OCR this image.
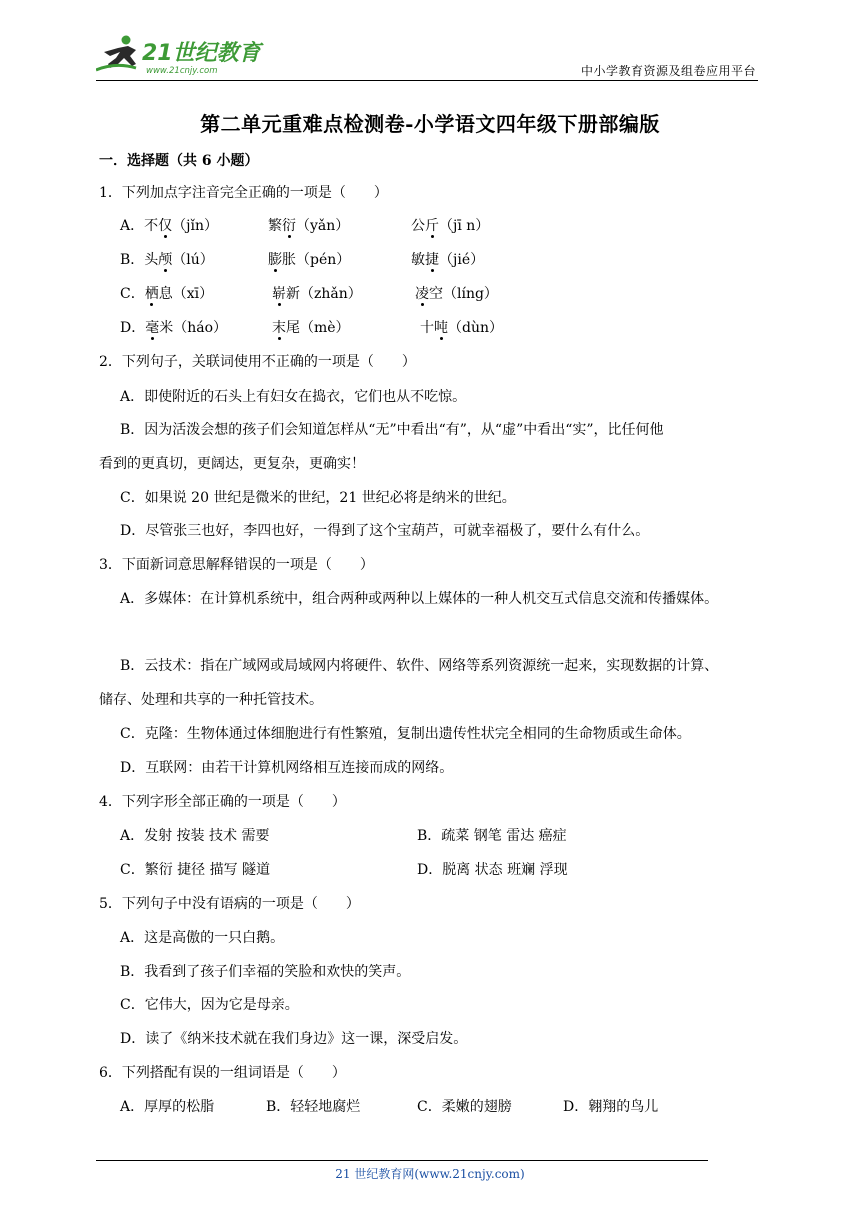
21世纪教育
www.21cnjy.com	中小学教育资源及组卷应用平台
第二单元重难点检测卷-小学语文四年级下册部编版
一．选择题（共 6 小题）
1．下列加点字注音完全正确的一项是（　　）
A．不仅（jǐn）	繁衍（yǎn）	公斤（jī n）
B．头颅（lú）	膨胀（pén）	敏捷（jié）
C．栖息（xī）	崭新（zhǎn）	凌空（líng）
D．毫米（háo）	末尾（mè）	十吨（dùn）
2．下列句子，关联词使用不正确的一项是（　　）
A．即使附近的石头上有妇女在捣衣，它们也从不吃惊。
B．因为活泼会想的孩子们会知道怎样从“无”中看出“有”，从“虚”中看出“实”，比任何他
看到的更真切，更阔达，更复杂，更确实！
C．如果说 20 世纪是微米的世纪，21 世纪必将是纳米的世纪。
D．尽管张三也好，李四也好，一得到了这个宝葫芦，可就幸福极了，要什么有什么。
3．下面新词意思解释错误的一项是（　　）
A．多媒体：在计算机系统中，组合两种或两种以上媒体的一种人机交互式信息交流和传播媒体。
B．云技术：指在广域网或局域网内将硬件、软件、网络等系列资源统一起来，实现数据的计算、
储存、处理和共享的一种托管技术。
C．克隆：生物体通过体细胞进行有性繁殖，复制出遗传性状完全相同的生命物质或生命体。
D．互联网：由若干计算机网络相互连接而成的网络。
4．下列字形全部正确的一项是（　　）
A．发射 按装 技术 需要	B．疏菜 钢笔 雷达 癌症
C．繁衍 捷径 描写 隧道	D．脱离 状态 班斓 浮现
5．下列句子中没有语病的一项是（　　）
A．这是高傲的一只白鹅。
B．我看到了孩子们幸福的笑脸和欢快的笑声。
C．它伟大，因为它是母亲。
D．读了《纳米技术就在我们身边》这一课，深受启发。
6．下列搭配有误的一组词语是（　　）
A．厚厚的松脂	B．轻轻地腐烂	C．柔嫩的翅膀	D．翱翔的鸟儿
21 世纪教育网(www.21cnjy.com)
